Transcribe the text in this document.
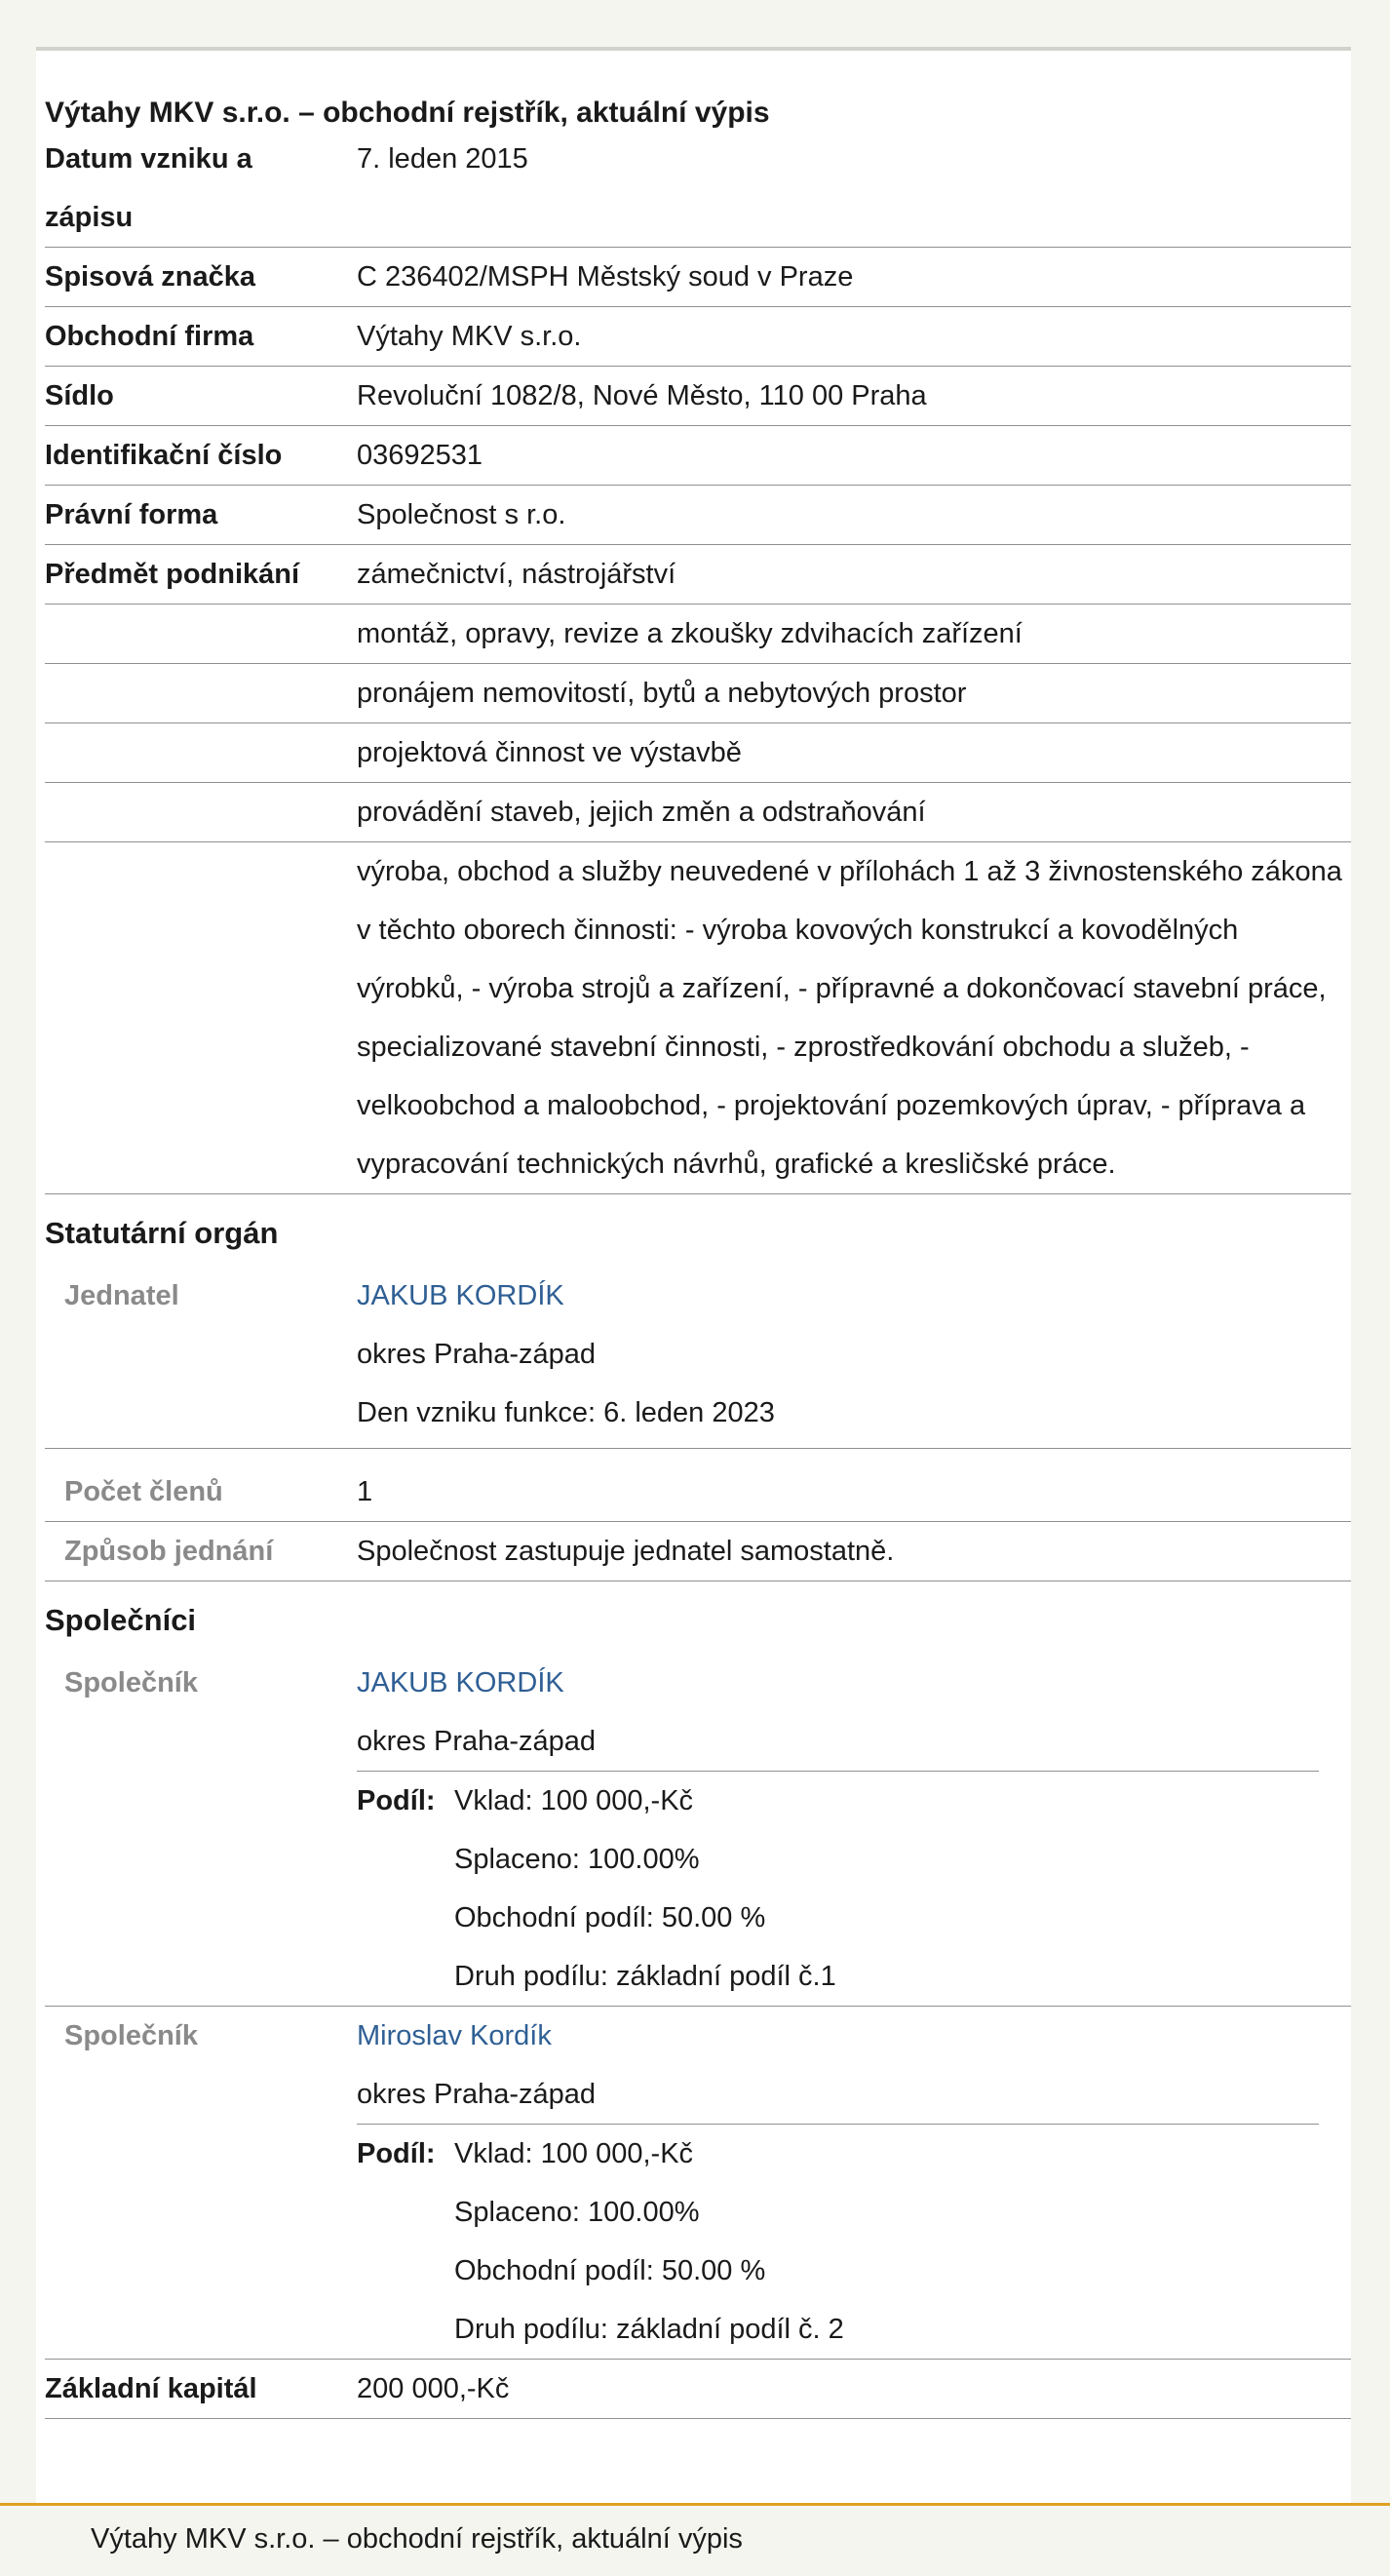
Výtahy MKV s.r.o. – obchodní rejstřík, aktuální výpis
Datum vzniku a zápisu
7. leden 2015
Spisová značka	C 236402/MSPH Městský soud v Praze
Obchodní firma	Výtahy MKV s.r.o.
Sídlo	Revoluční 1082/8, Nové Město, 110 00 Praha
Identifikační číslo	03692531
Právní forma	Společnost s r.o.
Předmět podnikání	zámečnictví, nástrojářství
montáž, opravy, revize a zkoušky zdvihacích zařízení
pronájem nemovitostí, bytů a nebytových prostor
projektová činnost ve výstavbě
provádění staveb, jejich změn a odstraňování
výroba, obchod a služby neuvedené v přílohách 1 až 3 živnostenského zákona v těchto oborech činnosti: - výroba kovových konstrukcí a kovodělných výrobků, - výroba strojů a zařízení, - přípravné a dokončovací stavební práce, specializované stavební činnosti, - zprostředkování obchodu a služeb, - velkoobchod a maloobchod, - projektování pozemkových úprav, - příprava a vypracování technických návrhů, grafické a kresličské práce.
Statutární orgán
Jednatel	JAKUB KORDÍK
okres Praha-západ
Den vzniku funkce: 6. leden 2023
Počet členů	1
Způsob jednání	Společnost zastupuje jednatel samostatně.
Společníci
Společník	JAKUB KORDÍK
okres Praha-západ
Podíl: Vklad: 100 000,-Kč
Splaceno: 100.00%
Obchodní podíl: 50.00 %
Druh podílu: základní podíl č.1
Společník	Miroslav Kordík
okres Praha-západ
Podíl: Vklad: 100 000,-Kč
Splaceno: 100.00%
Obchodní podíl: 50.00 %
Druh podílu: základní podíl č. 2
Základní kapitál	200 000,-Kč
Výtahy MKV s.r.o. – obchodní rejstřík, aktuální výpis
